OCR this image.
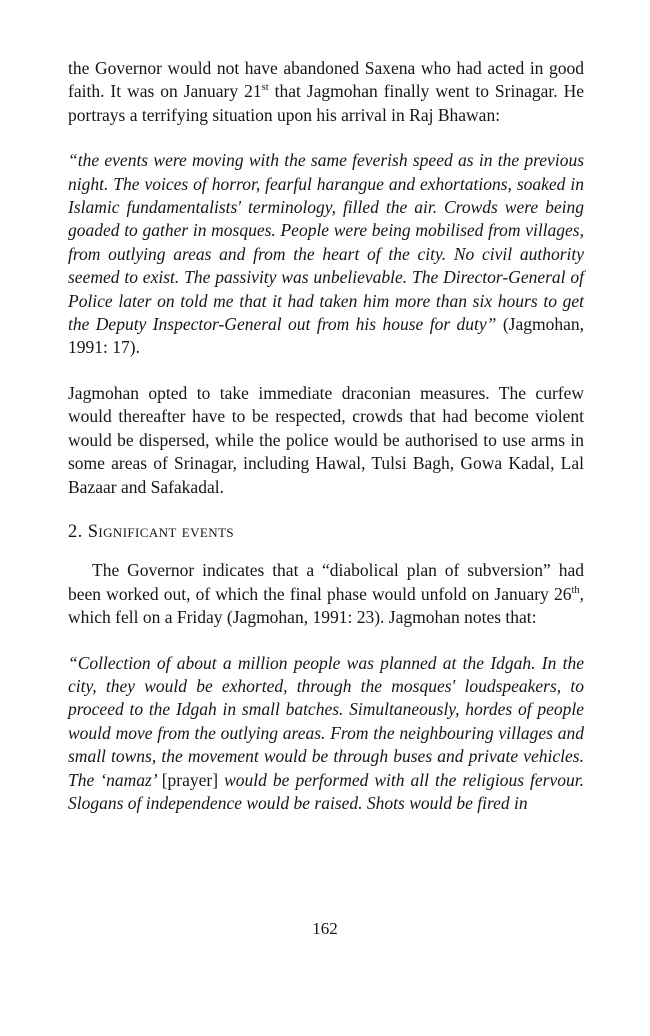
the Governor would not have abandoned Saxena who had acted in good faith. It was on January 21st that Jagmohan finally went to Srinagar. He portrays a terrifying situation upon his arrival in Raj Bhawan:

“the events were moving with the same feverish speed as in the previous night. The voices of horror, fearful harangue and exhortations, soaked in Islamic fundamentalists' terminology, filled the air. Crowds were being goaded to gather in mosques. People were being mobilised from villages, from outlying areas and from the heart of the city. No civil authority seemed to exist. The passivity was unbelievable. The Director-General of Police later on told me that it had taken him more than six hours to get the Deputy Inspector-General out from his house for duty” (Jagmohan, 1991: 17).

Jagmohan opted to take immediate draconian measures. The curfew would thereafter have to be respected, crowds that had become violent would be dispersed, while the police would be authorised to use arms in some areas of Srinagar, including Hawal, Tulsi Bagh, Gowa Kadal, Lal Bazaar and Safakadal.

2. Significant events

The Governor indicates that a “diabolical plan of subversion” had been worked out, of which the final phase would unfold on January 26th, which fell on a Friday (Jagmohan, 1991: 23). Jagmohan notes that:

“Collection of about a million people was planned at the Idgah. In the city, they would be exhorted, through the mosques' loudspeakers, to proceed to the Idgah in small batches. Simultaneously, hordes of people would move from the outlying areas. From the neighbouring villages and small towns, the movement would be through buses and private vehicles. The ‘namaz’ [prayer] would be performed with all the religious fervour. Slogans of independence would be raised. Shots would be fired in

162
